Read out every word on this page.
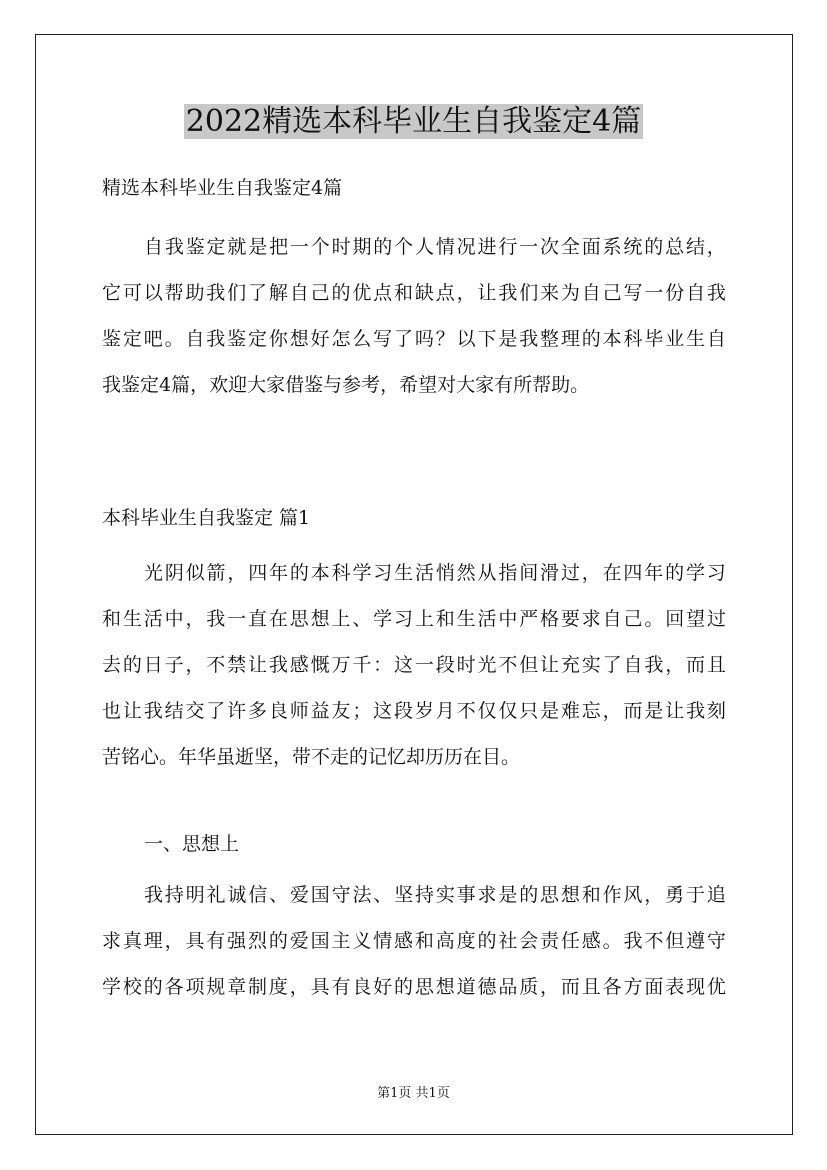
2022精选本科毕业生自我鉴定4篇
精选本科毕业生自我鉴定4篇
自 我 鉴 定 就 是 把 一 个 时 期 的 个 人 情 况 进 行 一 次 全 面 系 统 的 总 结 ，
它 可 以 帮 助 我 们 了 解 自 己 的 优 点 和 缺 点 ， 让 我 们 来 为 自 己 写 一 份 自 我
鉴 定 吧 。 自 我 鉴 定 你 想 好 怎 么 写 了 吗 ？ 以 下 是 我 整 理 的 本 科 毕 业 生 自
我鉴定4篇，欢迎大家借鉴与参考，希望对大家有所帮助。
本科毕业生自我鉴定 篇1
光 阴 似 箭 ， 四 年 的 本 科 学 习 生 活 悄 然 从 指 间 滑 过 ， 在 四 年 的 学 习
和 生 活 中 ， 我 一 直 在 思 想 上 、 学 习 上 和 生 活 中 严 格 要 求 自 己 。 回 望 过
去 的 日 子 ， 不 禁 让 我 感 慨 万 千 ： 这 一 段 时 光 不 但 让 充 实 了 自 我 ， 而 且
也 让 我 结 交 了 许 多 良 师 益 友 ； 这 段 岁 月 不 仅 仅 只 是 难 忘 ， 而 是 让 我 刻
苦铭心。年华虽逝坚，带不走的记忆却历历在目。
一、思想上
我 持 明 礼 诚 信 、 爱 国 守 法 、 坚 持 实 事 求 是 的 思 想 和 作 风 ， 勇 于 追
求 真 理 ， 具 有 强 烈 的 爱 国 主 义 情 感 和 高 度 的 社 会 责 任 感 。 我 不 但 遵 守
学 校 的 各 项 规 章 制 度 ， 具 有 良 好 的 思 想 道 德 品 质 ， 而 且 各 方 面 表 现 优
第1页 共1页
